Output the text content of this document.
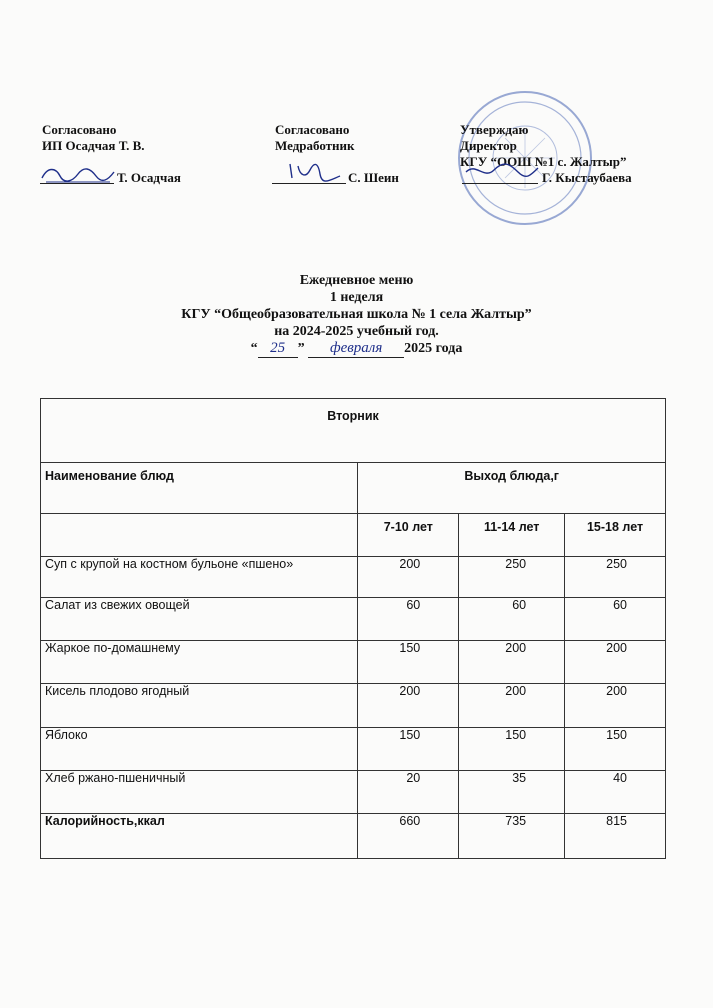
Согласовано
ИП Осадчая Т. В.
Т. Осадчая
Согласовано
Медработник
С. Шеин
Утверждаю
Директор
КГУ “ООШ №1 с. Жалтыр”
Г. Кыстаубаева
Ежедневное меню
1 неделя
КГУ “Общеобразовательная школа № 1 села Жалтыр”
на 2024-2025 учебный год.
“ 25 ” февраля 2025 года
Вторник			
Наименование блюд	Выход блюда,г		
	7-10 лет	11-14 лет	15-18 лет
Суп с крупой на костном бульоне «пшено»	200	250	250
Салат из свежих овощей	60	60	60
Жаркое по-домашнему	150	200	200
Кисель плодово ягодный	200	200	200
Яблоко	150	150	150
Хлеб ржано-пшеничный	20	35	40
Калорийность,ккал	660	735	815
